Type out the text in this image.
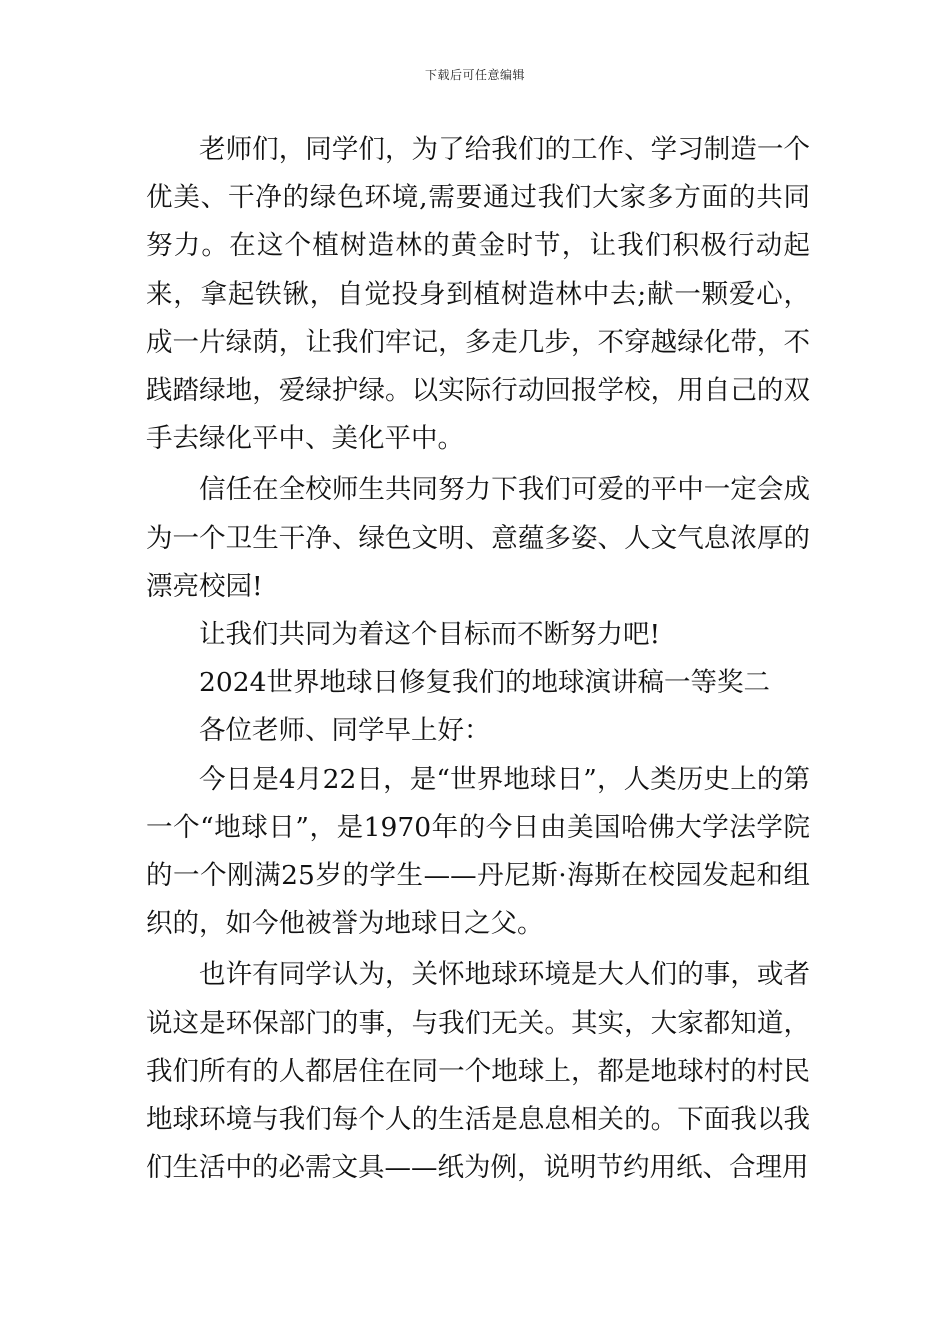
下载后可任意编辑

老师们，同学们，为了给我们的工作、学习制造一个优美、干净的绿色环境,需要通过我们大家多方面的共同努力。在这个植树造林的黄金时节，让我们积极行动起来，拿起铁锹，自觉投身到植树造林中去;献一颗爱心，成一片绿荫，让我们牢记，多走几步，不穿越绿化带，不践踏绿地，爱绿护绿。以实际行动回报学校，用自己的双手去绿化平中、美化平中。

信任在全校师生共同努力下我们可爱的平中一定会成为一个卫生干净、绿色文明、意蕴多姿、人文气息浓厚的漂亮校园!

让我们共同为着这个目标而不断努力吧!

2024世界地球日修复我们的地球演讲稿一等奖二

各位老师、同学早上好：

今日是4月22日，是“世界地球日”，人类历史上的第一个“地球日”，是1970年的今日由美国哈佛大学法学院的一个刚满25岁的学生——丹尼斯·海斯在校园发起和组织的，如今他被誉为地球日之父。

也许有同学认为，关怀地球环境是大人们的事，或者说这是环保部门的事，与我们无关。其实，大家都知道，我们所有的人都居住在同一个地球上，都是地球村的村民地球环境与我们每个人的生活是息息相关的。下面我以我们生活中的必需文具——纸为例，说明节约用纸、合理用
